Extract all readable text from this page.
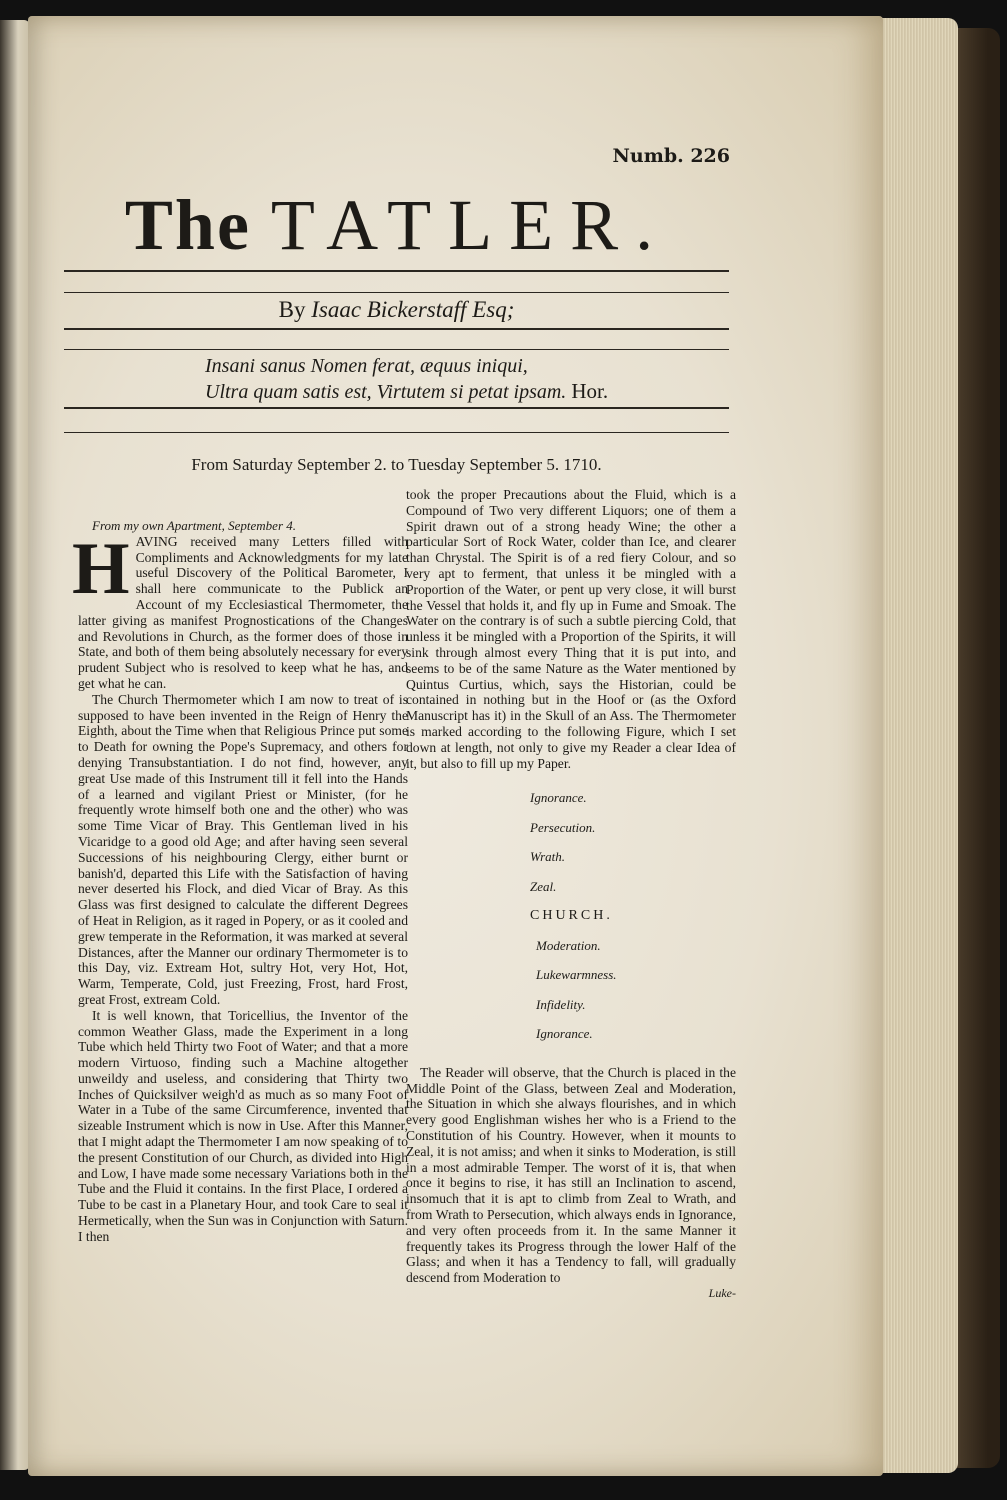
Numb. 226
The TATLER.
By Isaac Bickerstaff Esq;
Insani sanus Nomen ferat, æquus iniqui,
Ultra quam satis est, Virtutem si petat ipsam. Hor.
From Saturday September 2. to Tuesday September 5. 1710.

From my own Apartment, September 4.

H AVING received many Letters filled with Compliments and Acknowledgments for my late useful Discovery of the Political Barometer, I shall here communicate to the Publick an Account of my Ecclesiastical Thermometer, the latter giving as manifest Prognostications of the Changes and Revolutions in Church, as the former does of those in State, and both of them being absolutely necessary for every prudent Subject who is resolved to keep what he has, and get what he can.

The Church Thermometer which I am now to treat of is supposed to have been invented in the Reign of Henry the Eighth, about the Time when that Religious Prince put some to Death for owning the Pope's Supremacy, and others for denying Transubstantiation. I do not find, however, any great Use made of this Instrument till it fell into the Hands of a learned and vigilant Priest or Minister, (for he frequently wrote himself both one and the other) who was some Time Vicar of Bray. This Gentleman lived in his Vicaridge to a good old Age; and after having seen several Successions of his neighbouring Clergy, either burnt or banish'd, departed this Life with the Satisfaction of having never deserted his Flock, and died Vicar of Bray. As this Glass was first designed to calculate the different Degrees of Heat in Religion, as it raged in Popery, or as it cooled and grew temperate in the Reformation, it was marked at several Distances, after the Manner our ordinary Thermometer is to this Day, viz. Extream Hot, sultry Hot, very Hot, Hot, Warm, Temperate, Cold, just Freezing, Frost, hard Frost, great Frost, extream Cold.

It is well known, that Toricellius, the Inventor of the common Weather Glass, made the Experiment in a long Tube which held Thirty two Foot of Water; and that a more modern Virtuoso, finding such a Machine altogether unweildy and useless, and considering that Thirty two Inches of Quicksilver weigh'd as much as so many Foot of Water in a Tube of the same Circumference, invented that sizeable Instrument which is now in Use. After this Manner, that I might adapt the Thermometer I am now speaking of to the present Constitution of our Church, as divided into High and Low, I have made some necessary Variations both in the Tube and the Fluid it contains. In the first Place, I ordered a Tube to be cast in a Planetary Hour, and took Care to seal it Hermetically, when the Sun was in Conjunction with Saturn. I then

took the proper Precautions about the Fluid, which is a Compound of Two very different Liquors; one of them a Spirit drawn out of a strong heady Wine; the other a particular Sort of Rock Water, colder than Ice, and clearer than Chrystal. The Spirit is of a red fiery Colour, and so very apt to ferment, that unless it be mingled with a Proportion of the Water, or pent up very close, it will burst the Vessel that holds it, and fly up in Fume and Smoak. The Water on the contrary is of such a subtle piercing Cold, that unless it be mingled with a Proportion of the Spirits, it will sink through almost every Thing that it is put into, and seems to be of the same Nature as the Water mentioned by Quintus Curtius, which, says the Historian, could be contained in nothing but in the Hoof or (as the Oxford Manuscript has it) in the Skull of an Ass. The Thermometer is marked according to the following Figure, which I set down at length, not only to give my Reader a clear Idea of it, but also to fill up my Paper.

Ignorance.
Persecution.
Wrath.
Zeal.
CHURCH.
Moderation.
Lukewarmness.
Infidelity.
Ignorance.

The Reader will observe, that the Church is placed in the Middle Point of the Glass, between Zeal and Moderation, the Situation in which she always flourishes, and in which every good Englishman wishes her who is a Friend to the Constitution of his Country. However, when it mounts to Zeal, it is not amiss; and when it sinks to Moderation, is still in a most admirable Temper. The worst of it is, that when once it begins to rise, it has still an Inclination to ascend, insomuch that it is apt to climb from Zeal to Wrath, and from Wrath to Persecution, which always ends in Ignorance, and very often proceeds from it. In the same Manner it frequently takes its Progress through the lower Half of the Glass; and when it has a Tendency to fall, will gradually descend from Moderation to

Luke-
